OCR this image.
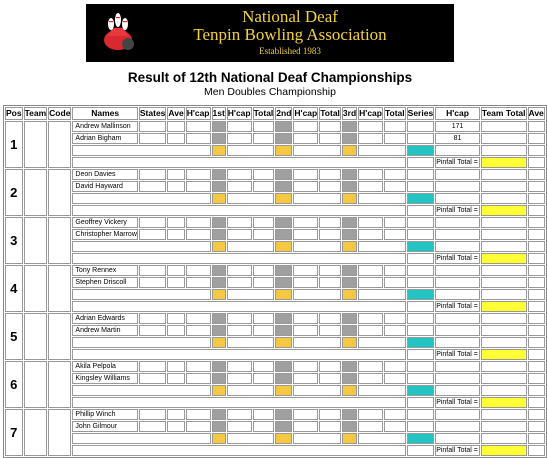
National Deaf
Tenpin Bowling Association
Established 1983
Result of 12th National Deaf Championships
Men Doubles Championship
Pos	Team	Code	Names	States	Ave	H'cap	1st	H'cap	Total	2nd	H'cap	Total	3rd	H'cap	Total	Series	H'cap	Team Total	Ave
1			Andrew Mallinson														171		
			Adrian Bigham														81		

																	Pinfall Total =		
2			Deon Davies																
			David Hayward																

																	Pinfall Total =		
3			Geoffrey Vickery																
			Christopher Marrow																

																	Pinfall Total =		
4			Tony Rennex																
			Stephen Driscoll																

																	Pinfall Total =		
5			Adrian Edwards																
			Andrew Martin																

																	Pinfall Total =		
6			Akila Pelpola																
			Kingsley Williams																

																	Pinfall Total =		
7			Phillip Winch																
			John Gilmour																

																	Pinfall Total =		
